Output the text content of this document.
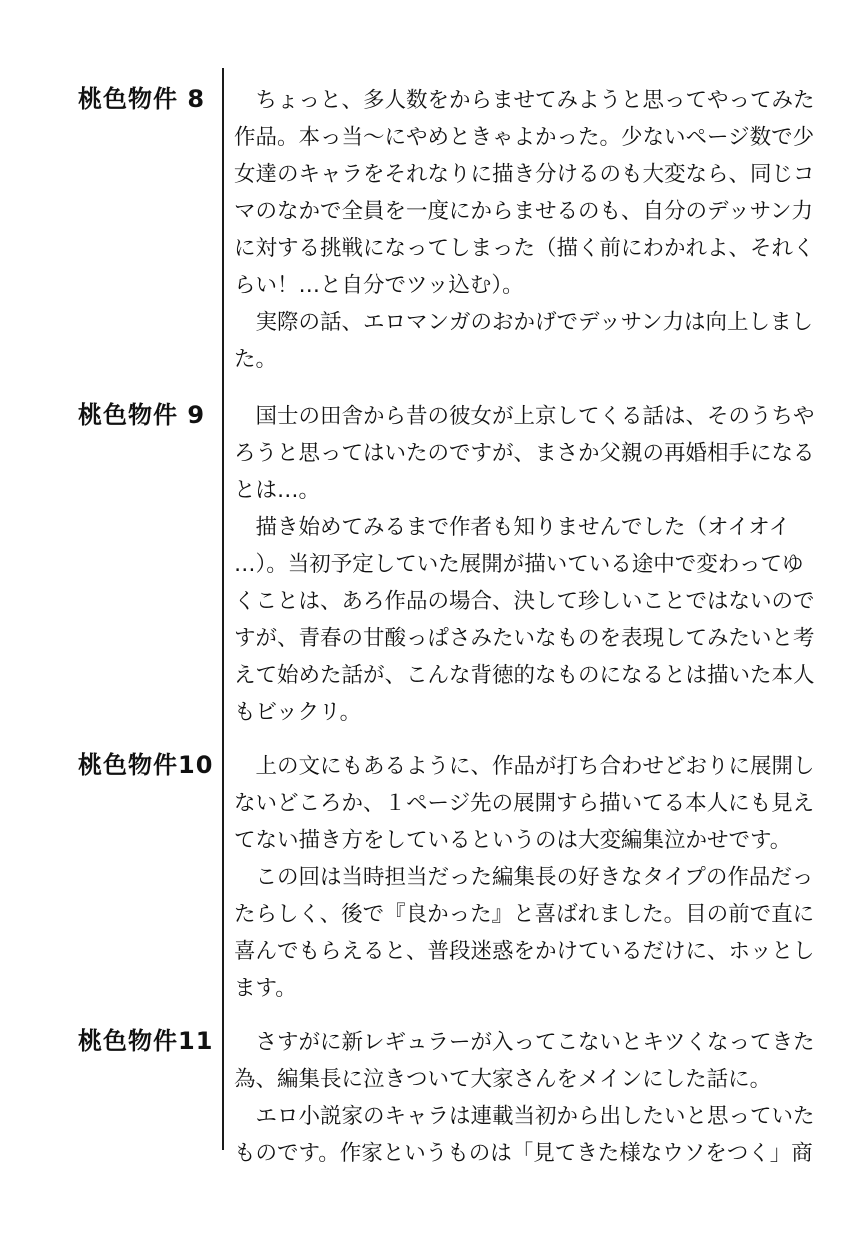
桃色物件 8 　ちょっと、多人数をからませてみようと思ってやってみた
作品。本っ当〜にやめときゃよかった。少ないページ数で少
女達のキャラをそれなりに描き分けるのも大変なら、同じコ
マのなかで全員を一度にからませるのも、自分のデッサン力
に対する挑戦になってしまった（描く前にわかれよ、それく
らい！…と自分でツッ込む）。
　実際の話、エロマンガのおかげでデッサン力は向上しまし
た。
桃色物件 9 　国士の田舎から昔の彼女が上京してくる話は、そのうちや
ろうと思ってはいたのですが、まさか父親の再婚相手になる
とは…。
　描き始めてみるまで作者も知りませんでした（オイオイ
…）。当初予定していた展開が描いている途中で変わってゆ
くことは、あろ作品の場合、決して珍しいことではないので
すが、青春の甘酸っぱさみたいなものを表現してみたいと考
えて始めた話が、こんな背徳的なものになるとは描いた本人
もビックリ。
桃色物件10 　上の文にもあるように、作品が打ち合わせどおりに展開し
ないどころか、１ページ先の展開すら描いてる本人にも見え
てない描き方をしているというのは大変編集泣かせです。
　この回は当時担当だった編集長の好きなタイプの作品だっ
たらしく、後で『良かった』と喜ばれました。目の前で直に
喜んでもらえると、普段迷惑をかけているだけに、ホッとし
ます。
桃色物件11 　さすがに新レギュラーが入ってこないとキツくなってきた
為、編集長に泣きついて大家さんをメインにした話に。
　エロ小説家のキャラは連載当初から出したいと思っていた
ものです。作家というものは「見てきた様なウソをつく」商
